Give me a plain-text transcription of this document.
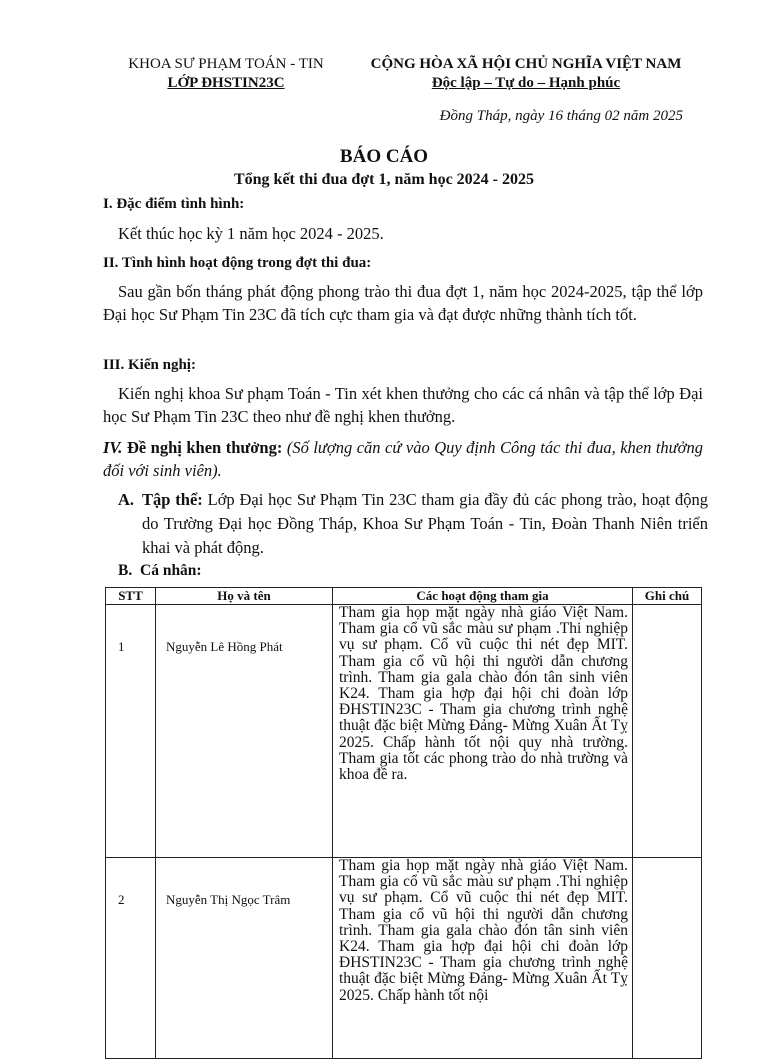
KHOA SƯ PHẠM TOÁN - TIN
LỚP ĐHSTIN23C
CỘNG HÒA XÃ HỘI CHỦ NGHĨA VIỆT NAM
Độc lập – Tự do – Hạnh phúc
Đồng Tháp, ngày 16 tháng 02 năm 2025
BÁO CÁO
Tổng kết thi đua đợt 1, năm học 2024 - 2025
I. Đặc điểm tình hình:

Kết thúc học kỳ 1 năm học 2024 - 2025.

II. Tình hình hoạt động trong đợt thi đua:

Sau gần bốn tháng phát động phong trào thi đua đợt 1, năm học 2024-2025, tập thể lớp Đại học Sư Phạm Tin 23C đã tích cực tham gia và đạt được những thành tích tốt.

III. Kiến nghị:

Kiến nghị khoa Sư phạm Toán - Tin xét khen thưởng cho các cá nhân và tập thể lớp Đại học Sư Phạm Tin 23C theo như đề nghị khen thưởng.

IV. Đề nghị khen thưởng: (Số lượng căn cứ vào Quy định Công tác thi đua, khen thưởng đối với sinh viên).
A. Tập thể: Lớp Đại học Sư Phạm Tin 23C tham gia đầy đủ các phong trào, hoạt động do Trường Đại học Đồng Tháp, Khoa Sư Phạm Toán - Tin, Đoàn Thanh Niên triển khai và phát động.
B. Cá nhân:
STT	Họ và tên	Các hoạt động tham gia	Ghi chú
1	Nguyễn Lê Hồng Phát	Tham gia họp mặt ngày nhà giáo Việt Nam. Tham gia cổ vũ sắc màu sư phạm .Thi nghiệp vụ sư phạm. Cổ vũ cuộc thi nét đẹp MIT. Tham gia cổ vũ hội thi người dẫn chương trình. Tham gia gala chào đón tân sinh viên K24. Tham gia hợp đại hội chi đoàn lớp ĐHSTIN23C - Tham gia chương trình nghệ thuật đặc biệt Mừng Đảng- Mừng Xuân Ất Tỵ 2025. Chấp hành tốt nội quy nhà trường. Tham gia tốt các phong trào do nhà trường và khoa đề ra.	

2	Nguyễn Thị Ngọc Trâm	Tham gia họp mặt ngày nhà giáo Việt Nam. Tham gia cổ vũ sắc màu sư phạm .Thi nghiệp vụ sư phạm. Cổ vũ cuộc thi nét đẹp MIT. Tham gia cổ vũ hội thi người dẫn chương trình. Tham gia gala chào đón tân sinh viên K24. Tham gia hợp đại hội chi đoàn lớp ĐHSTIN23C - Tham gia chương trình nghệ thuật đặc biệt Mừng Đảng- Mừng Xuân Ất Tỵ 2025. Chấp hành tốt nội	
